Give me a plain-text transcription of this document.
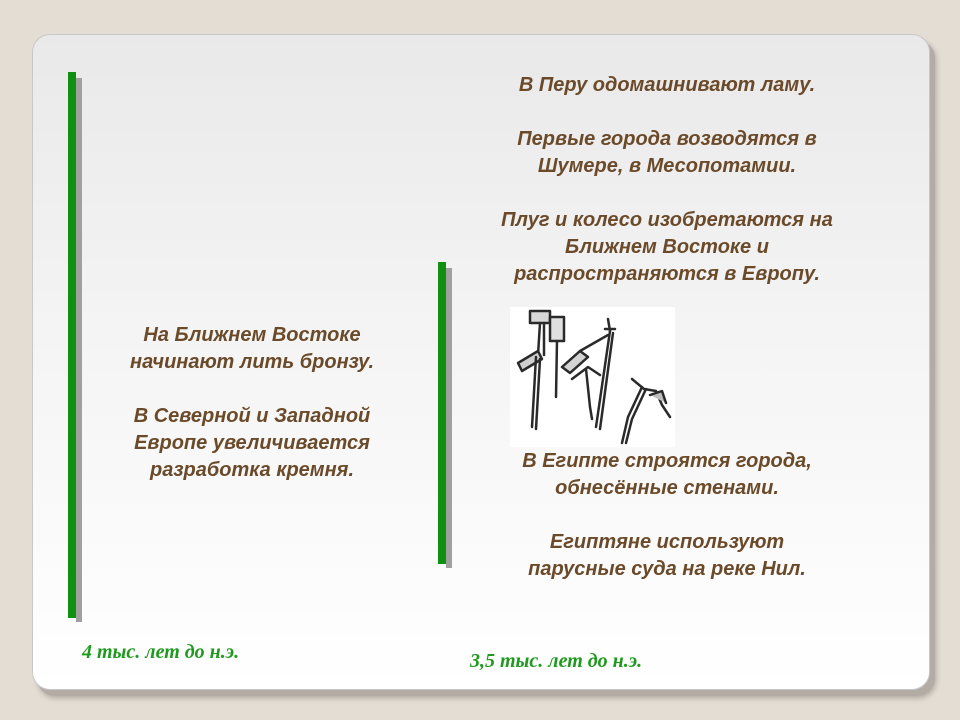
На Ближнем Востоке
начинают лить бронзу.

В Северной и Западной
Европе увеличивается
разработка кремня.

В Перу одомашнивают ламу.

Первые города возводятся в
Шумере, в Месопотамии.

Плуг и колесо изобретаются на
Ближнем Востоке и
распространяются в Европу.

В Египте строятся города,
обнесённые стенами.

Египтяне используют
парусные суда на реке Нил.

4 тыс. лет до н.э.	3,5 тыс. лет до н.э.
